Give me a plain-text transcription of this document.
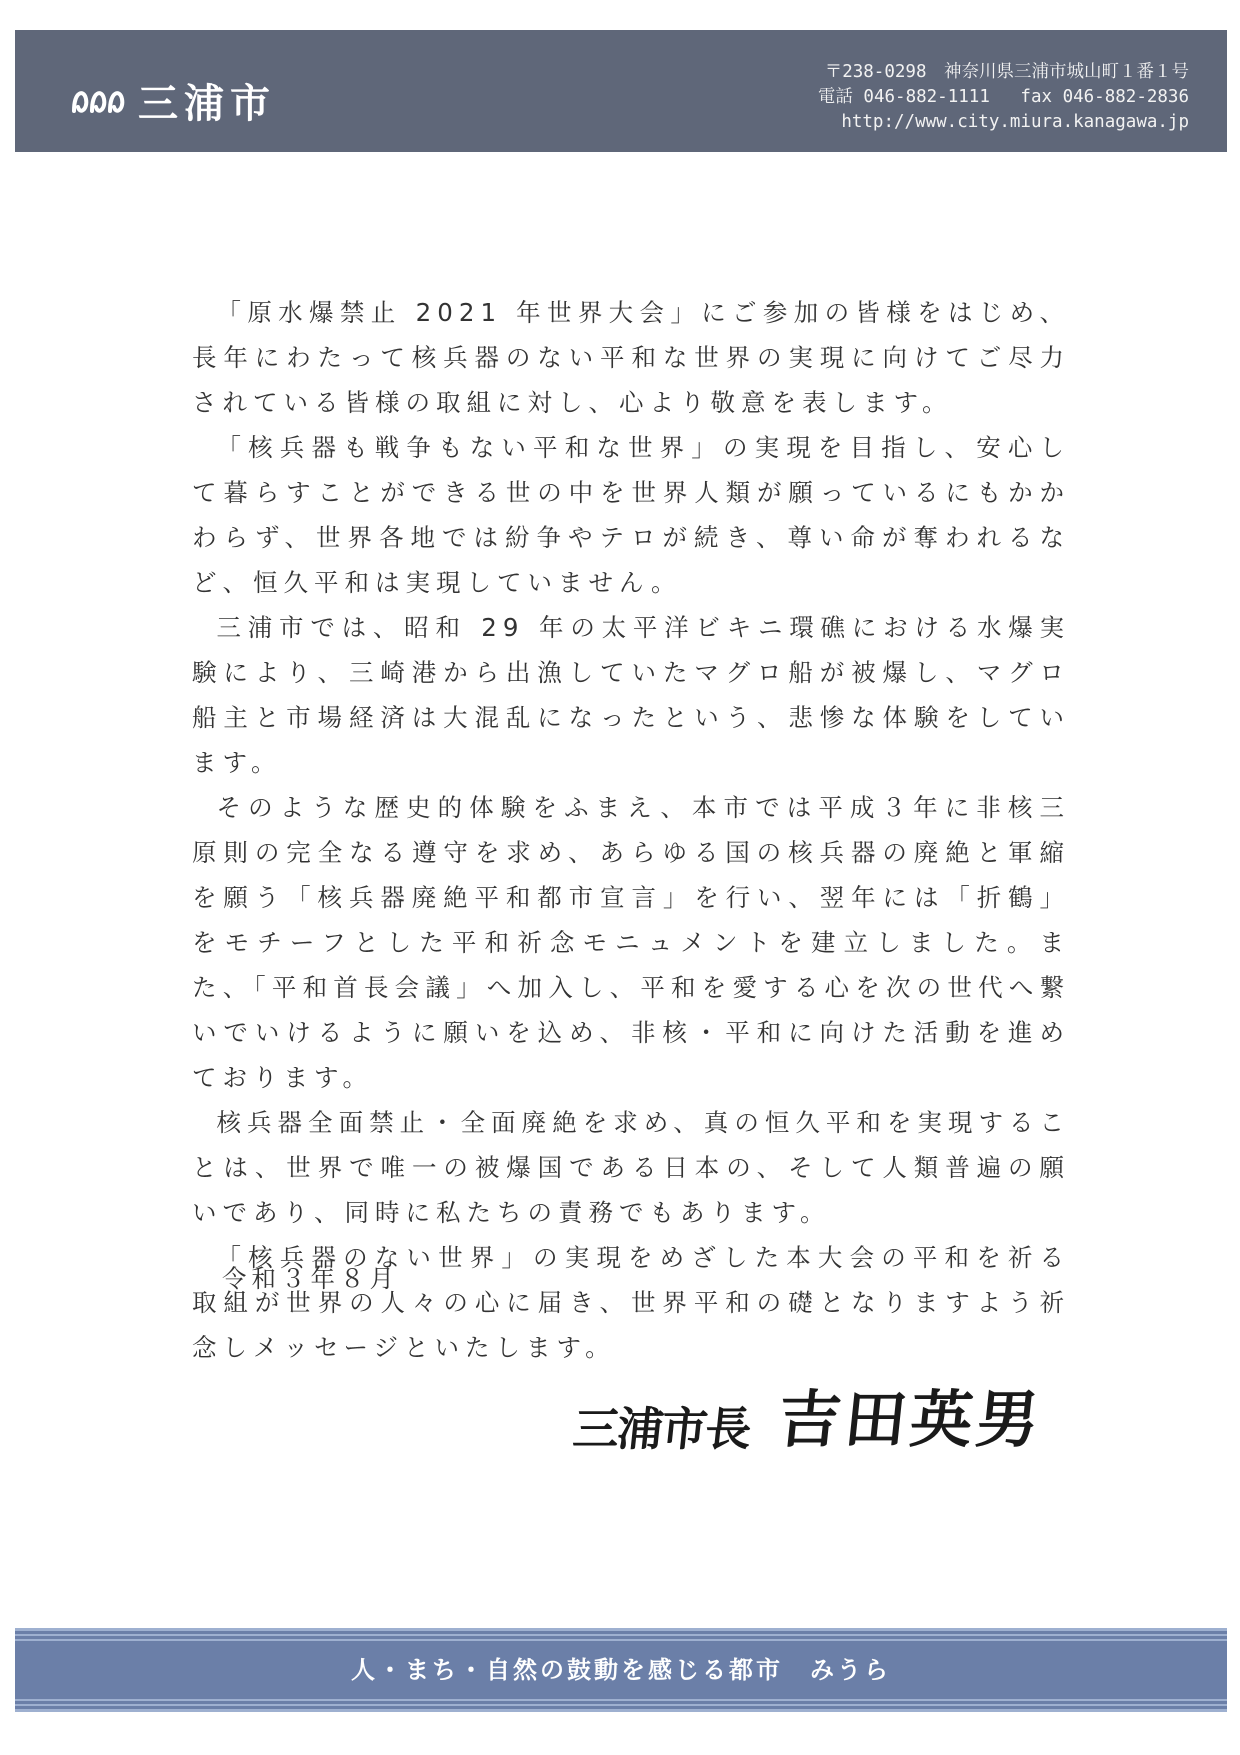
三浦市
〒238-0298　神奈川県三浦市城山町１番１号
電話 046-882-1111 fax 046-882-2836
http://www.city.miura.kanagawa.jp

「原水爆禁止 2021 年世界大会」にご参加の皆様をはじめ、長年にわたって核兵器のない平和な世界の実現に向けてご尽力されている皆様の取組に対し、心より敬意を表します。

「核兵器も戦争もない平和な世界」の実現を目指し、安心して暮らすことができる世の中を世界人類が願っているにもかかわらず、世界各地では紛争やテロが続き、尊い命が奪われるなど、恒久平和は実現していません。

三浦市では、昭和 29 年の太平洋ビキニ環礁における水爆実験により、三崎港から出漁していたマグロ船が被爆し、マグロ船主と市場経済は大混乱になったという、悲惨な体験をしています。

そのような歴史的体験をふまえ、本市では平成３年に非核三原則の完全なる遵守を求め、あらゆる国の核兵器の廃絶と軍縮を願う「核兵器廃絶平和都市宣言」を行い、翌年には「折鶴」をモチーフとした平和祈念モニュメントを建立しました。また、「平和首長会議」へ加入し、平和を愛する心を次の世代へ繋いでいけるように願いを込め、非核・平和に向けた活動を進めております。

核兵器全面禁止・全面廃絶を求め、真の恒久平和を実現することは、世界で唯一の被爆国である日本の、そして人類普遍の願いであり、同時に私たちの責務でもあります。

「核兵器のない世界」の実現をめざした本大会の平和を祈る取組が世界の人々の心に届き、世界平和の礎となりますよう祈念しメッセージといたします。

令和３年８月
三浦市長 吉田英男
人・まち・自然の鼓動を感じる都市　みうら
